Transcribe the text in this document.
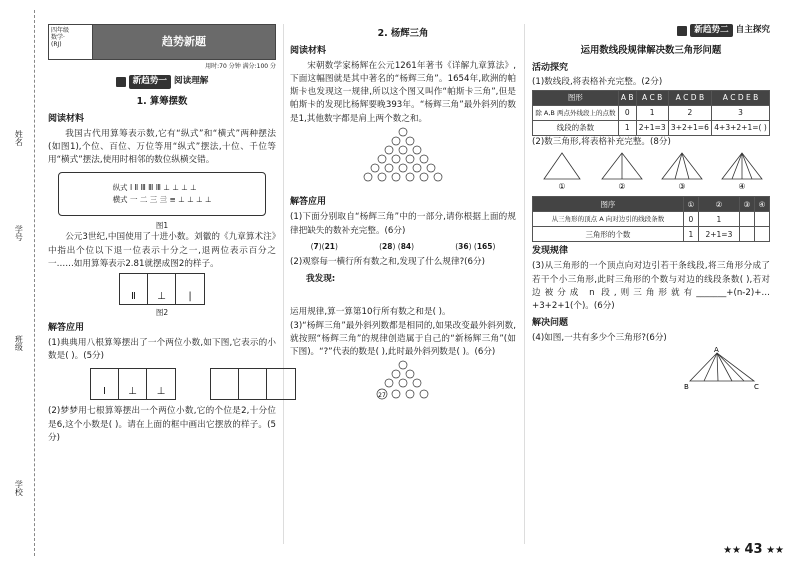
姓名
学号
班级
学校
四年级
数学·
(RJ)	趋势新题
用时:70 分钟 满分:100 分
新趋势一 阅读理解
1. 算筹摆数
阅读材料
我国古代用算筹表示数,它有“纵式”和“横式”两种摆法(如图1),个位、百位、万位等用“纵式”摆法,十位、千位等用“横式”摆法,使用时相邻的数位纵横交错。
纵式 Ⅰ Ⅱ Ⅲ Ⅲ Ⅲ ⊥ ⊥ ⊥ ⊥
横式 一 二 三 亖 ≡ ⊥ ⊥ ⊥ ⊥
图1
公元3世纪,中国使用了十进小数。刘徽的《九章算术注》中指出个位以下退一位表示十分之一,退两位表示百分之一……如用算筹表示2.81就摆成图2的样子。
Ⅱ	⊥	|
图2
解答应用
(1)典典用八根算筹摆出了一个两位小数,如下图,它表示的小数是( )。(5分)
Ⅰ	⊥	⊥
(2)梦梦用七根算筹摆出一个两位小数,它的个位是2,十分位是6,这个小数是( )。请在上面的框中画出它摆放的样子。(5分)
2. 杨辉三角
阅读材料
宋朝数学家杨辉在公元1261年著书《详解九章算法》,下面这幅图就是其中著名的“杨辉三角”。1654年,欧洲的帕斯卡也发现这一规律,所以这个图又叫作“帕斯卡三角”,但是帕斯卡的发现比杨辉要晚393年。“杨辉三角”最外斜列的数是1,其他数字都是肩上两个数之和。
解答应用
(1)下面分别取自“杨辉三角”中的一部分,请你根据上面的规律把缺失的数补充完整。(6分)
(7)(21)	(28) (84)	(36) (165)
(2)观察每一横行所有数之和,发现了什么规律?(6分)
我发现:
运用规律,算一算第10行所有数之和是( )。
(3)“杨辉三角”最外斜列数都是相同的,如果改变最外斜列数,就按照“杨辉三角”的规律创造属于自己的“新杨辉三角”(如下图)。“?”代表的数是( ),此时最外斜列数是( )。(6分)
27
新趋势二 自主探究
运用数线段规律解决数三角形问题
活动探究
(1)数线段,将表格补充完整。(2分)
图形	A B	A C B	A C D B	A C D E B
除 A,B 两点外线段上的点数	0	1	2	3
线段的条数	1	2+1=3	3+2+1=6	4+3+2+1=( )
(2)数三角形,将表格补充完整。(8分)
①	②	③	④
图序	①	②	③	④
从三角形的顶点 A 向对边引的线段条数	0	1		
三角形的个数	1	2+1=3		
发现规律
(3)从三角形的一个顶点向对边引若干条线段,将三角形分成了若干个小三角形,此时三角形的个数与对边的线段条数( ),若对边被分成 n 段,则三角形就有_______+(n-2)+…+3+2+1(个)。(6分)
解决问题
(4)如图,一共有多少个三角形?(6分)
A
B	C
★★ 43 ★★
